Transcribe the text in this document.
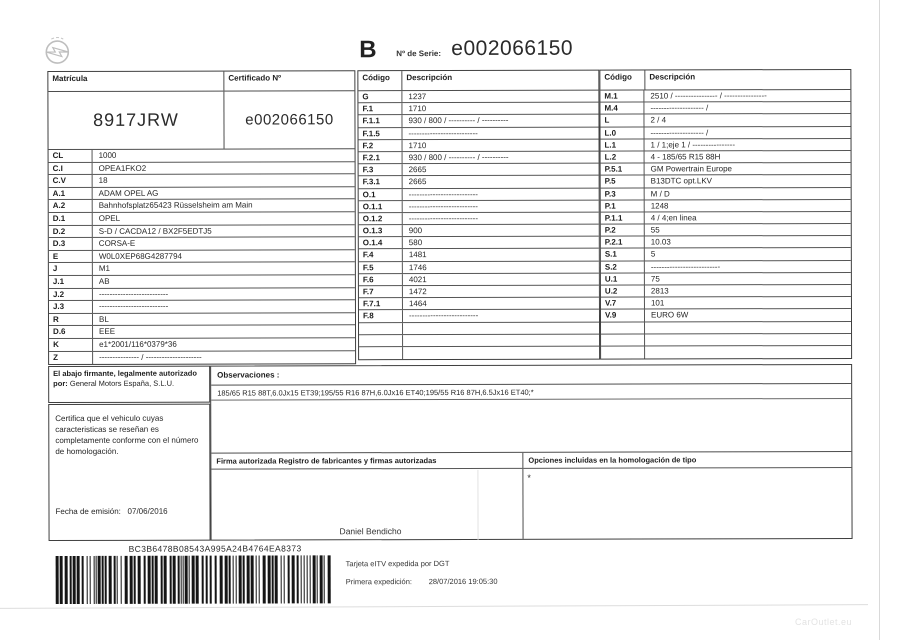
B Nº de Serie: e002066150
Matrícula	Certificado Nº
8917JRW	e002066150
CL	1000
C.I	OPEA1FKO2
C.V	18
A.1	ADAM OPEL AG
A.2	Bahnhofsplatz65423 Rüsselsheim am Main
D.1	OPEL
D.2	S-D / CACDA12 / BX2F5EDTJ5
D.3	CORSA-E
E	W0L0XEP68G4287794
J	M1
J.1	AB
J.2	--------------------------
J.3	--------------------------
R	BL
D.6	EEE
K	e1*2001/116*0379*36
Z	--------------- / ---------------------
Código	Descripción
G	1237
F.1	1710
F.1.1	930 / 800 / ---------- / ----------
F.1.5	--------------------------
F.2	1710
F.2.1	930 / 800 / ---------- / ----------
F.3	2665
F.3.1	2665
O.1	--------------------------
O.1.1	--------------------------
O.1.2	--------------------------
O.1.3	900
O.1.4	580
F.4	1481
F.5	1746
F.6	4021
F.7	1472
F.7.1	1464
F.8	--------------------------
Código	Descripción
M.1	2510 / ---------------- / ----------------
M.4	-------------------- /
L	2 / 4
L.0	-------------------- /
L.1	1 / 1;eje 1 / ----------------
L.2	4 - 185/65 R15 88H
P.5.1	GM Powertrain Europe
P.5	B13DTC opt.LKV
P.3	M / D
P.1	1248
P.1.1	4 / 4;en linea
P.2	55
P.2.1	10.03
S.1	5
S.2	--------------------------
U.1	75
U.2	2813
V.7	101
V.9	EURO 6W
El abajo firmante, legalmente autorizado
por: General Motors España, S.L.U.
Certifica que el vehiculo cuyas caracteristicas se reseñan es completamente conforme con el número de homologación.
Fecha de emisión: 07/06/2016
Observaciones :
185/65 R15 88T,6.0Jx15 ET39;195/55 R16 87H,6.0Jx16 ET40;195/55 R16 87H,6.5Jx16 ET40;*
Firma autorizada Registro de fabricantes y firmas autorizadas
Daniel Bendicho
Opciones incluidas en la homologación de tipo
*
BC3B6478B08543A995A24B4764EA8373
Tarjeta eITV expedida por DGT
Primera expedición: 28/07/2016 19:05:30
CarOutlet.eu
